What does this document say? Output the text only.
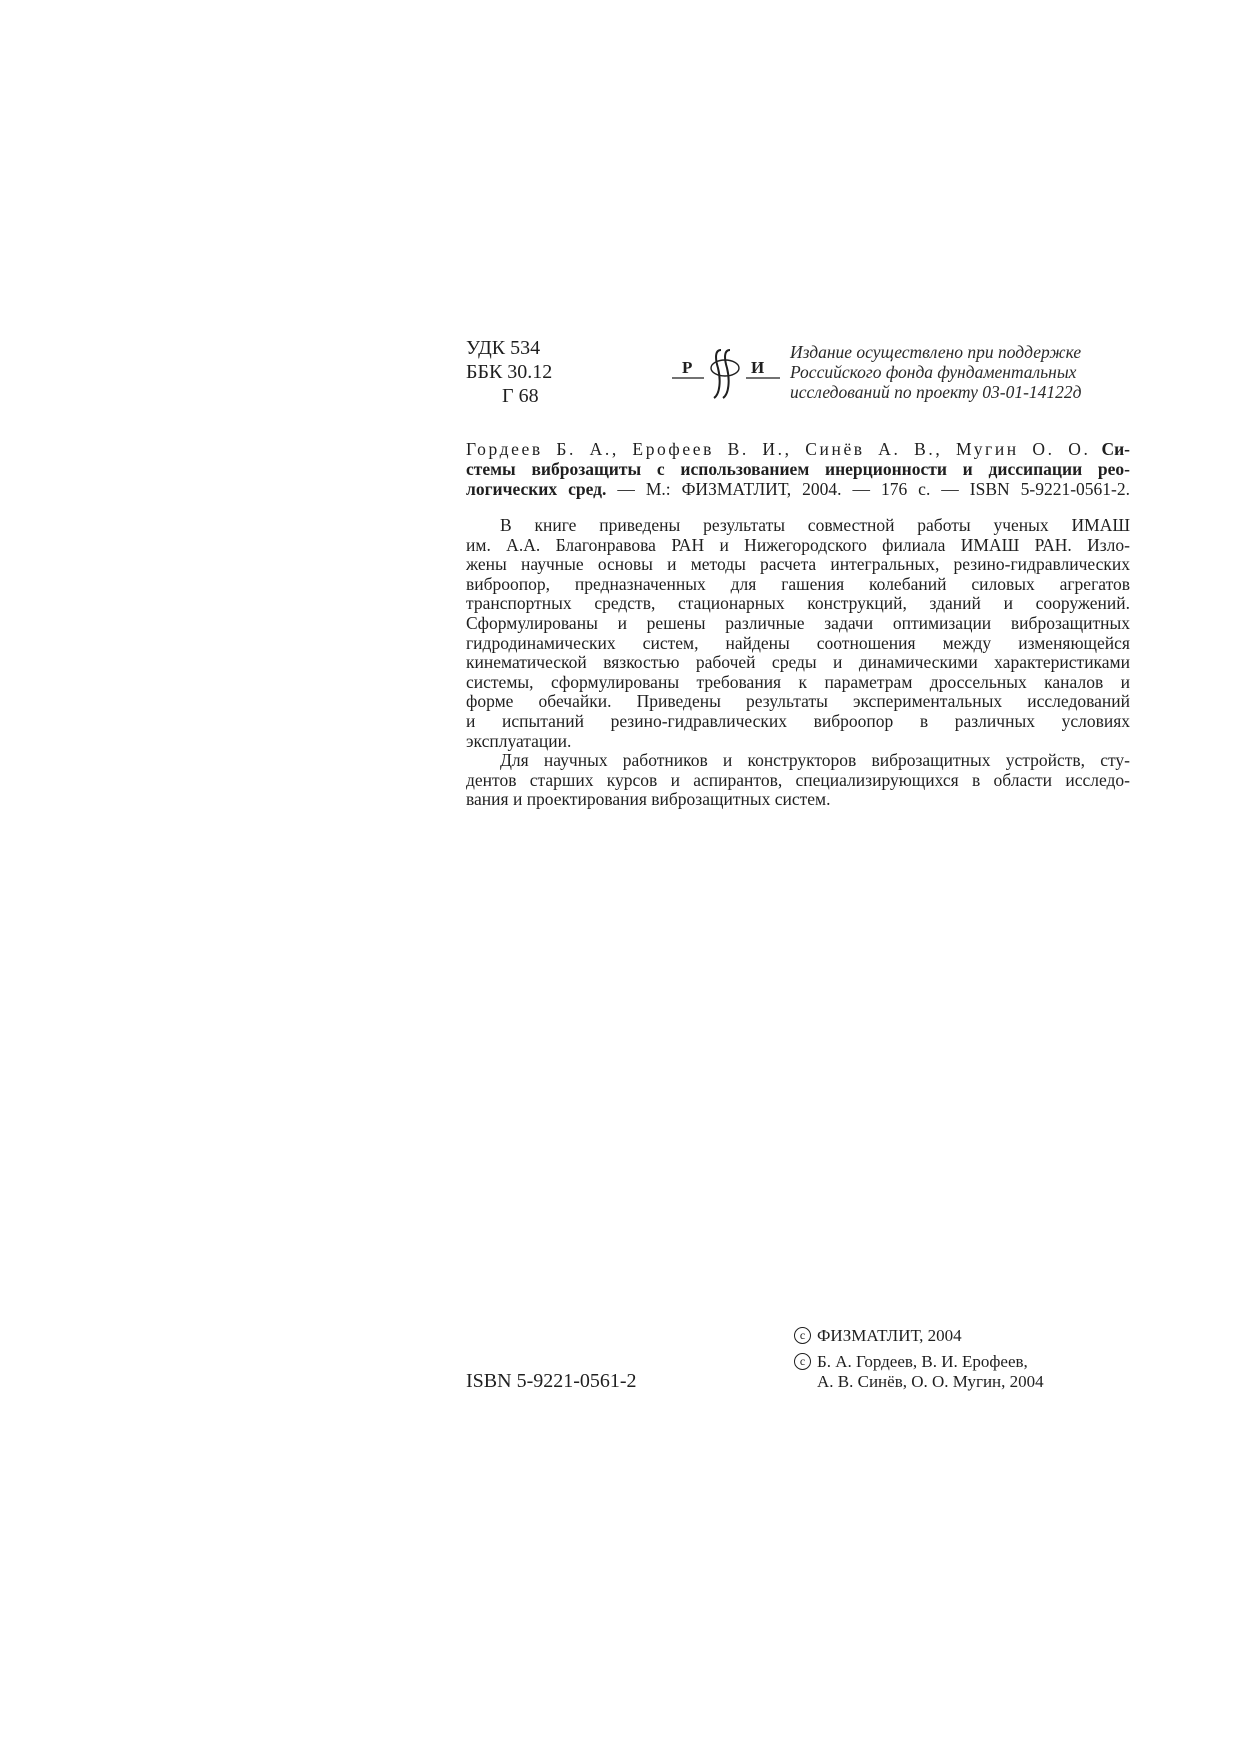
УДК 534
ББК 30.12
Г 68
Р	И
Издание осуществлено при поддержке
Российского фонда фундаментальных
исследований по проекту 03-01-14122д
Гордеев Б. А., Ерофеев В. И., Синёв А. В., Мугин О. О. Си-
стемы виброзащиты с использованием инерционности и диссипации рео-
логических сред. — М.: ФИЗМАТЛИТ, 2004. — 176 с. — ISBN 5-9221-0561-2.
В книге приведены результаты совместной работы ученых ИМАШ
им. А.А. Благонравова РАН и Нижегородского филиала ИМАШ РАН. Изло-
жены научные основы и методы расчета интегральных, резино-гидравлических
виброопор, предназначенных для гашения колебаний силовых агрегатов
транспортных средств, стационарных конструкций, зданий и сооружений.
Сформулированы и решены различные задачи оптимизации виброзащитных
гидродинамических систем, найдены соотношения между изменяющейся
кинематической вязкостью рабочей среды и динамическими характеристиками
системы, сформулированы требования к параметрам дроссельных каналов и
форме обечайки. Приведены результаты экспериментальных исследований
и испытаний резино-гидравлических виброопор в различных условиях
эксплуатации.
Для научных работников и конструкторов виброзащитных устройств, сту-
дентов старших курсов и аспирантов, специализирующихся в области исследо-
вания и проектирования виброзащитных систем.
ISBN 5-9221-0561-2
c ФИЗМАТЛИТ, 2004
c Б. А. Гордеев, В. И. Ерофеев,
А. В. Синёв, О. О. Мугин, 2004
